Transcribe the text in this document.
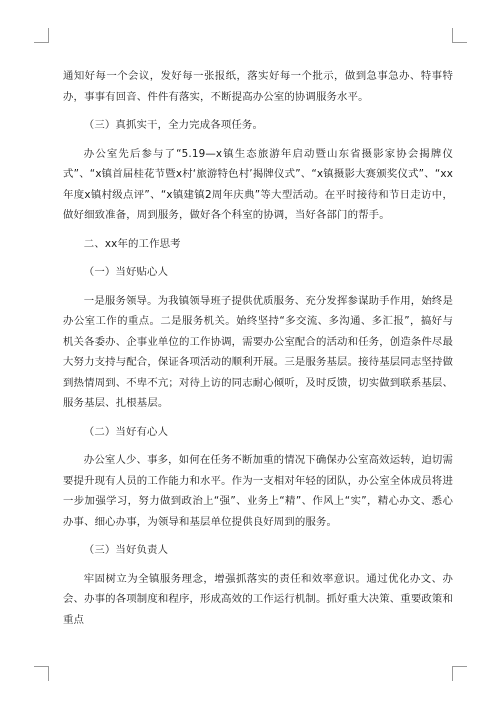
通知好每一个会议，发好每一张报纸，落实好每一个批示，做到急事急办、特事特办，事事有回音、件件有落实，不断提高办公室的协调服务水平。

（三）真抓实干，全力完成各项任务。

办公室先后参与了“5.19—x镇生态旅游年启动暨山东省摄影家协会揭牌仪式”、“x镇首届桂花节暨x村‘旅游特色村’揭牌仪式”、“x镇摄影大赛颁奖仪式”、“xx年度x镇村级点评”、“x镇建镇2周年庆典”等大型活动。在平时接待和节日走访中，做好细致准备，周到服务，做好各个科室的协调，当好各部门的帮手。

二、xx年的工作思考

（一）当好贴心人

一是服务领导。为我镇领导班子提供优质服务、充分发挥参谋助手作用，始终是办公室工作的重点。二是服务机关。始终坚持“多交流、多沟通、多汇报”，搞好与机关各委办、企事业单位的工作协调，需要办公室配合的活动和任务，创造条件尽最大努力支持与配合，保证各项活动的顺利开展。三是服务基层。接待基层同志坚持做到热情周到、不卑不亢；对待上访的同志耐心倾听，及时反馈，切实做到联系基层、服务基层、扎根基层。

（二）当好有心人

办公室人少、事多，如何在任务不断加重的情况下确保办公室高效运转，迫切需要提升现有人员的工作能力和水平。作为一支相对年轻的团队，办公室全体成员将进一步加强学习，努力做到政治上“强”、业务上“精”、作风上“实”，精心办文、悉心办事、细心办事，为领导和基层单位提供良好周到的服务。

（三）当好负责人

牢固树立为全镇服务理念，增强抓落实的责任和效率意识。通过优化办文、办会、办事的各项制度和程序，形成高效的工作运行机制。抓好重大决策、重要政策和重点
